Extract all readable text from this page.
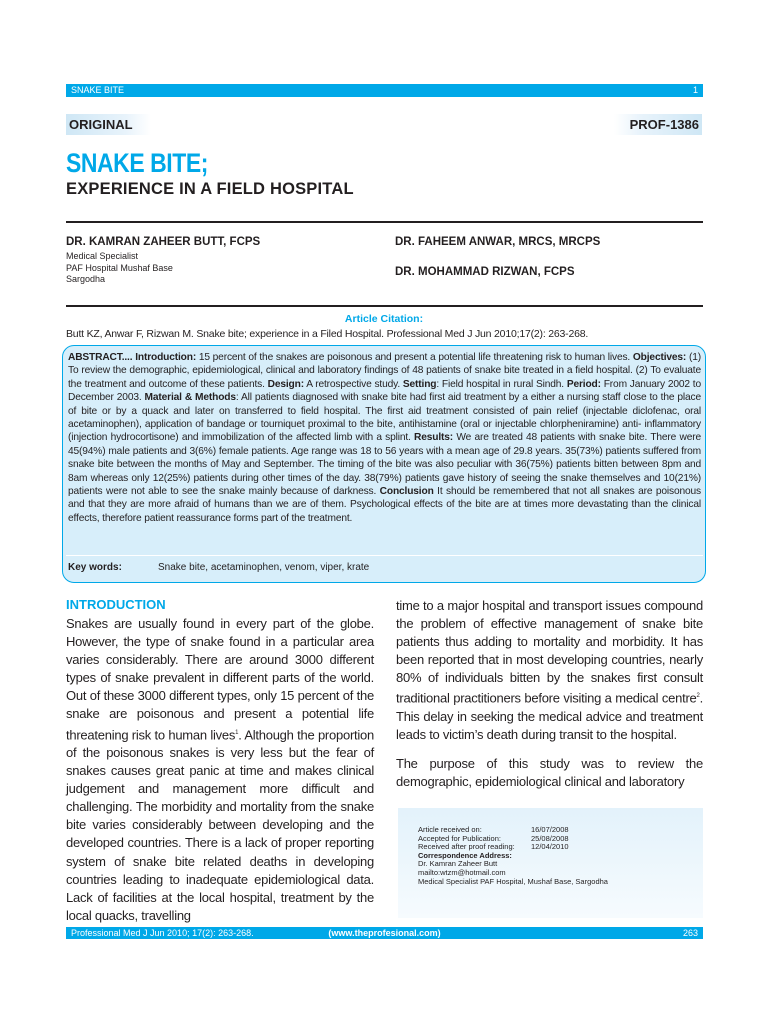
SNAKE BITE	1
ORIGINAL	PROF-1386
SNAKE BITE;
EXPERIENCE IN A FIELD HOSPITAL
DR. KAMRAN ZAHEER BUTT, FCPS
Medical Specialist
PAF Hospital Mushaf Base
Sargodha
DR. FAHEEM ANWAR, MRCS, MRCPS
DR. MOHAMMAD RIZWAN, FCPS
Article Citation:
Butt KZ, Anwar F, Rizwan M. Snake bite; experience in a Filed Hospital. Professional Med J Jun 2010;17(2): 263-268.

ABSTRACT.... Introduction: 15 percent of the snakes are poisonous and present a potential life threatening risk to human lives. Objectives: (1) To review the demographic, epidemiological, clinical and laboratory findings of 48 patients of snake bite treated in a field hospital. (2) To evaluate the treatment and outcome of these patients. Design: A retrospective study. Setting: Field hospital in rural Sindh. Period: From January 2002 to December 2003. Material & Methods: All patients diagnosed with snake bite had first aid treatment by a either a nursing staff close to the place of bite or by a quack and later on transferred to field hospital. The first aid treatment consisted of pain relief (injectable diclofenac, oral acetaminophen), application of bandage or tourniquet proximal to the bite, antihistamine (oral or injectable chlorpheniramine) anti- inflammatory (injection hydrocortisone) and immobilization of the affected limb with a splint. Results: We are treated 48 patients with snake bite. There were 45(94%) male patients and 3(6%) female patients. Age range was 18 to 56 years with a mean age of 29.8 years. 35(73%) patients suffered from snake bite between the months of May and September. The timing of the bite was also peculiar with 36(75%) patients bitten between 8pm and 8am whereas only 12(25%) patients during other times of the day. 38(79%) patients gave history of seeing the snake themselves and 10(21%) patients were not able to see the snake mainly because of darkness. Conclusion It should be remembered that not all snakes are poisonous and that they are more afraid of humans than we are of them. Psychological effects of the bite are at times more devastating than the clinical effects, therefore patient reassurance forms part of the treatment.

Key words:	Snake bite, acetaminophen, venom, viper, krate
INTRODUCTION

Snakes are usually found in every part of the globe. However, the type of snake found in a particular area varies considerably. There are around 3000 different types of snake prevalent in different parts of the world. Out of these 3000 different types, only 15 percent of the snake are poisonous and present a potential life threatening risk to human lives$^1$. Although the proportion of the poisonous snakes is very less but the fear of snakes causes great panic at time and makes clinical judgement and management more difficult and challenging. The morbidity and mortality from the snake bite varies considerably between developing and the developed countries. There is a lack of proper reporting system of snake bite related deaths in developing countries leading to inadequate epidemiological data. Lack of facilities at the local hospital, treatment by the local quacks, travelling

time to a major hospital and transport issues compound the problem of effective management of snake bite patients thus adding to mortality and morbidity. It has been reported that in most developing countries, nearly 80% of individuals bitten by the snakes first consult traditional practitioners before visiting a medical centre$^2$. This delay in seeking the medical advice and treatment leads to victim’s death during transit to the hospital.

The purpose of this study was to review the demographic, epidemiological clinical and laboratory

Article received on:	16/07/2008
Accepted for Publication:	25/08/2008
Received after proof reading: 12/04/2010
Correspondence Address:
Dr. Kamran Zaheer Butt
mailto:wtzm@hotmail.com
Medical Specialist PAF Hospital, Mushaf Base, Sargodha
Professional Med J Jun 2010; 17(2): 263-268.	(www.theprofesional.com)	263
